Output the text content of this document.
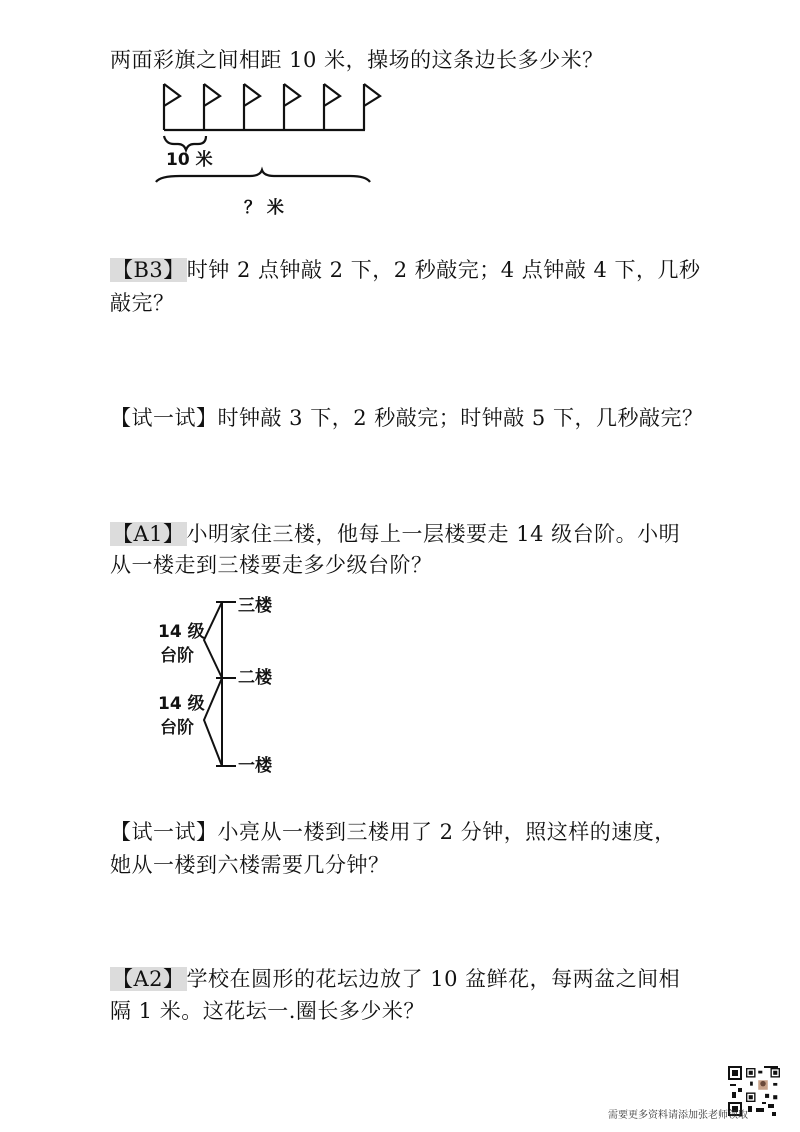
两面彩旗之间相距 10 米，操场的这条边长多少米？
10 米
？ 米
【B3】时钟 2 点钟敲 2 下，2 秒敲完；4 点钟敲 4 下，几秒
敲完？
【试一试】时钟敲 3 下，2 秒敲完；时钟敲 5 下，几秒敲完？
【A1】小明家住三楼，他每上一层楼要走 14 级台阶。小明
从一楼走到三楼要走多少级台阶？
三楼
二楼
一楼
14 级
台阶
14 级
台阶
【试一试】小亮从一楼到三楼用了 2 分钟，照这样的速度，
她从一楼到六楼需要几分钟？
【A2】学校在圆形的花坛边放了 10 盆鲜花，每两盆之间相
隔 1 米。这花坛一.圈长多少米？
需要更多资料请添加张老师领取
